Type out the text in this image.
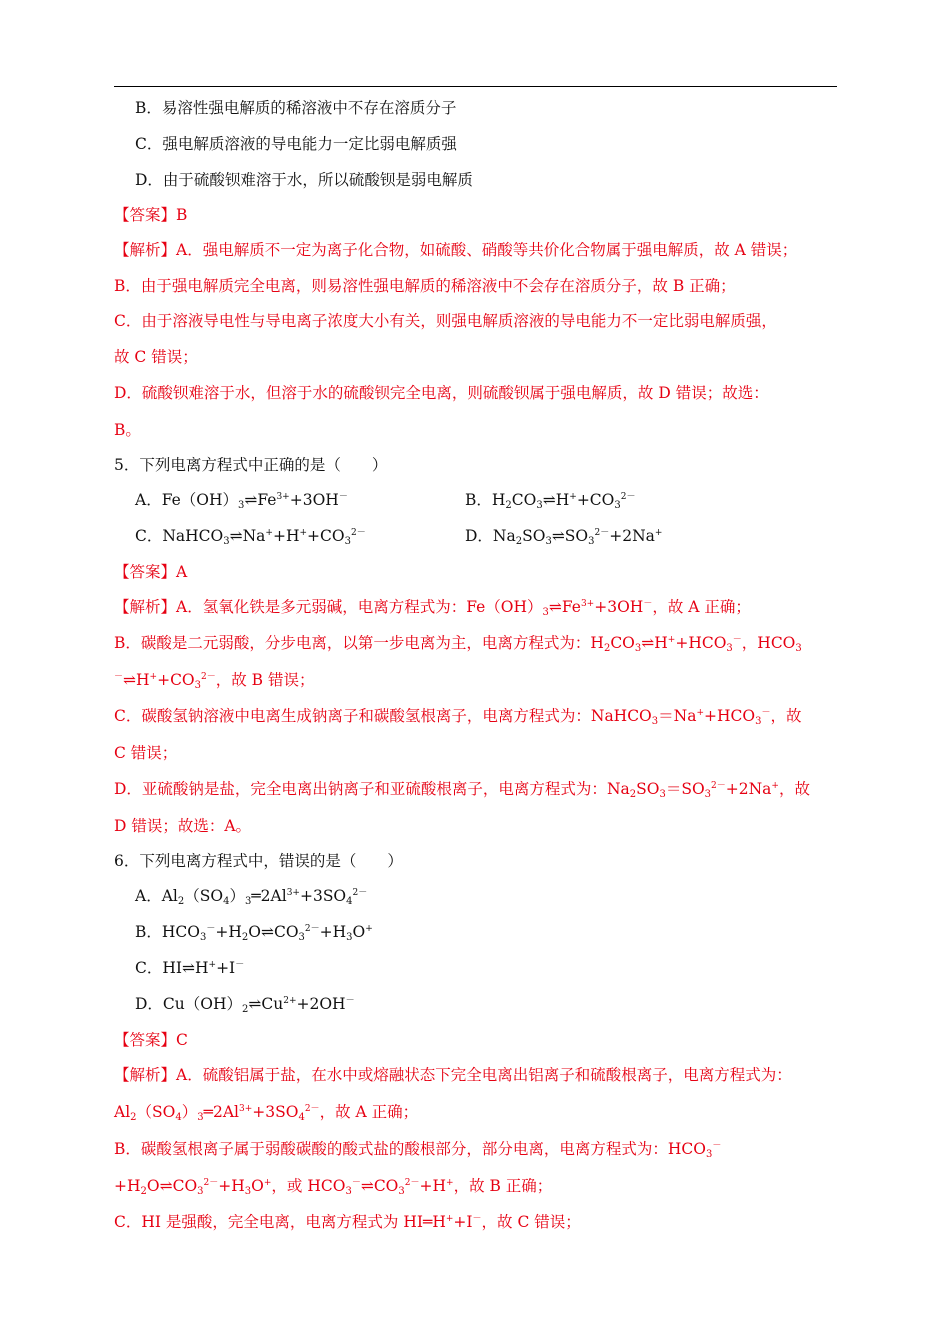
B．易溶性强电解质的稀溶液中不存在溶质分子
C．强电解质溶液的导电能力一定比弱电解质强
D．由于硫酸钡难溶于水，所以硫酸钡是弱电解质
【答案】B
【解析】A．强电解质不一定为离子化合物，如硫酸、硝酸等共价化合物属于强电解质，故 A 错误；
B．由于强电解质完全电离，则易溶性强电解质的稀溶液中不会存在溶质分子，故 B 正确；
C．由于溶液导电性与导电离子浓度大小有关，则强电解质溶液的导电能力不一定比弱电解质强，
故 C 错误；
D．硫酸钡难溶于水，但溶于水的硫酸钡完全电离，则硫酸钡属于强电解质，故 D 错误；故选：
B。
5．下列电离方程式中正确的是（　　）
A．$Fe(OH)_3\rightleftharpoons Fe^{3+}+3OH^-$	B．$H_2CO_3\rightleftharpoons H^++CO_3^{2-}$
C．$NaHCO_3\rightleftharpoons Na^++H^++CO_3^{2-}$	D．$Na_2SO_3\rightleftharpoons SO_3^{2-}+2Na^+$
【答案】A
【解析】A．氢氧化铁是多元弱碱，电离方程式为：$Fe(OH)_3\rightleftharpoons Fe^{3+}+3OH^-$，故 A 正确；
B．碳酸是二元弱酸，分步电离，以第一步电离为主，电离方程式为：$H_2CO_3\rightleftharpoons H^++HCO_3^-$，$HCO_3$
$^-\rightleftharpoons H^++CO_3^{2-}$，故 B 错误；
C．碳酸氢钠溶液中电离生成钠离子和碳酸氢根离子，电离方程式为：$NaHCO_3=Na^++HCO_3^-$，故
C 错误；
D．亚硫酸钠是盐，完全电离出钠离子和亚硫酸根离子，电离方程式为：$Na_2SO_3=SO_3^{2-}+2Na^+$，故
D 错误；故选：A。
6．下列电离方程式中，错误的是（　　）
A．$Al_2(SO_4)_3═2Al^{3+}+3SO_4^{2-}$
B．$HCO_3^-+H_2O\rightleftharpoons CO_3^{2-}+H_3O^+$
C．HI⇌H++I－
D．$Cu(OH)_2\rightleftharpoons Cu^{2+}+2OH^-$
【答案】C
【解析】A．硫酸铝属于盐，在水中或熔融状态下完全电离出铝离子和硫酸根离子，电离方程式为：
$Al_2(SO_4)_3═2Al^{3+}+3SO_4^{2-}$，故 A 正确；
B．碳酸氢根离子属于弱酸碳酸的酸式盐的酸根部分，部分电离，电离方程式为：$HCO_3^-$
$+H_2O\rightleftharpoons CO_3^{2-}+H_3O^+$，或 $HCO_3^-\rightleftharpoons CO_3^{2-}+H^+$，故 B 正确；
C．HI 是强酸，完全电离，电离方程式为 HI═H++I－，故 C 错误；
